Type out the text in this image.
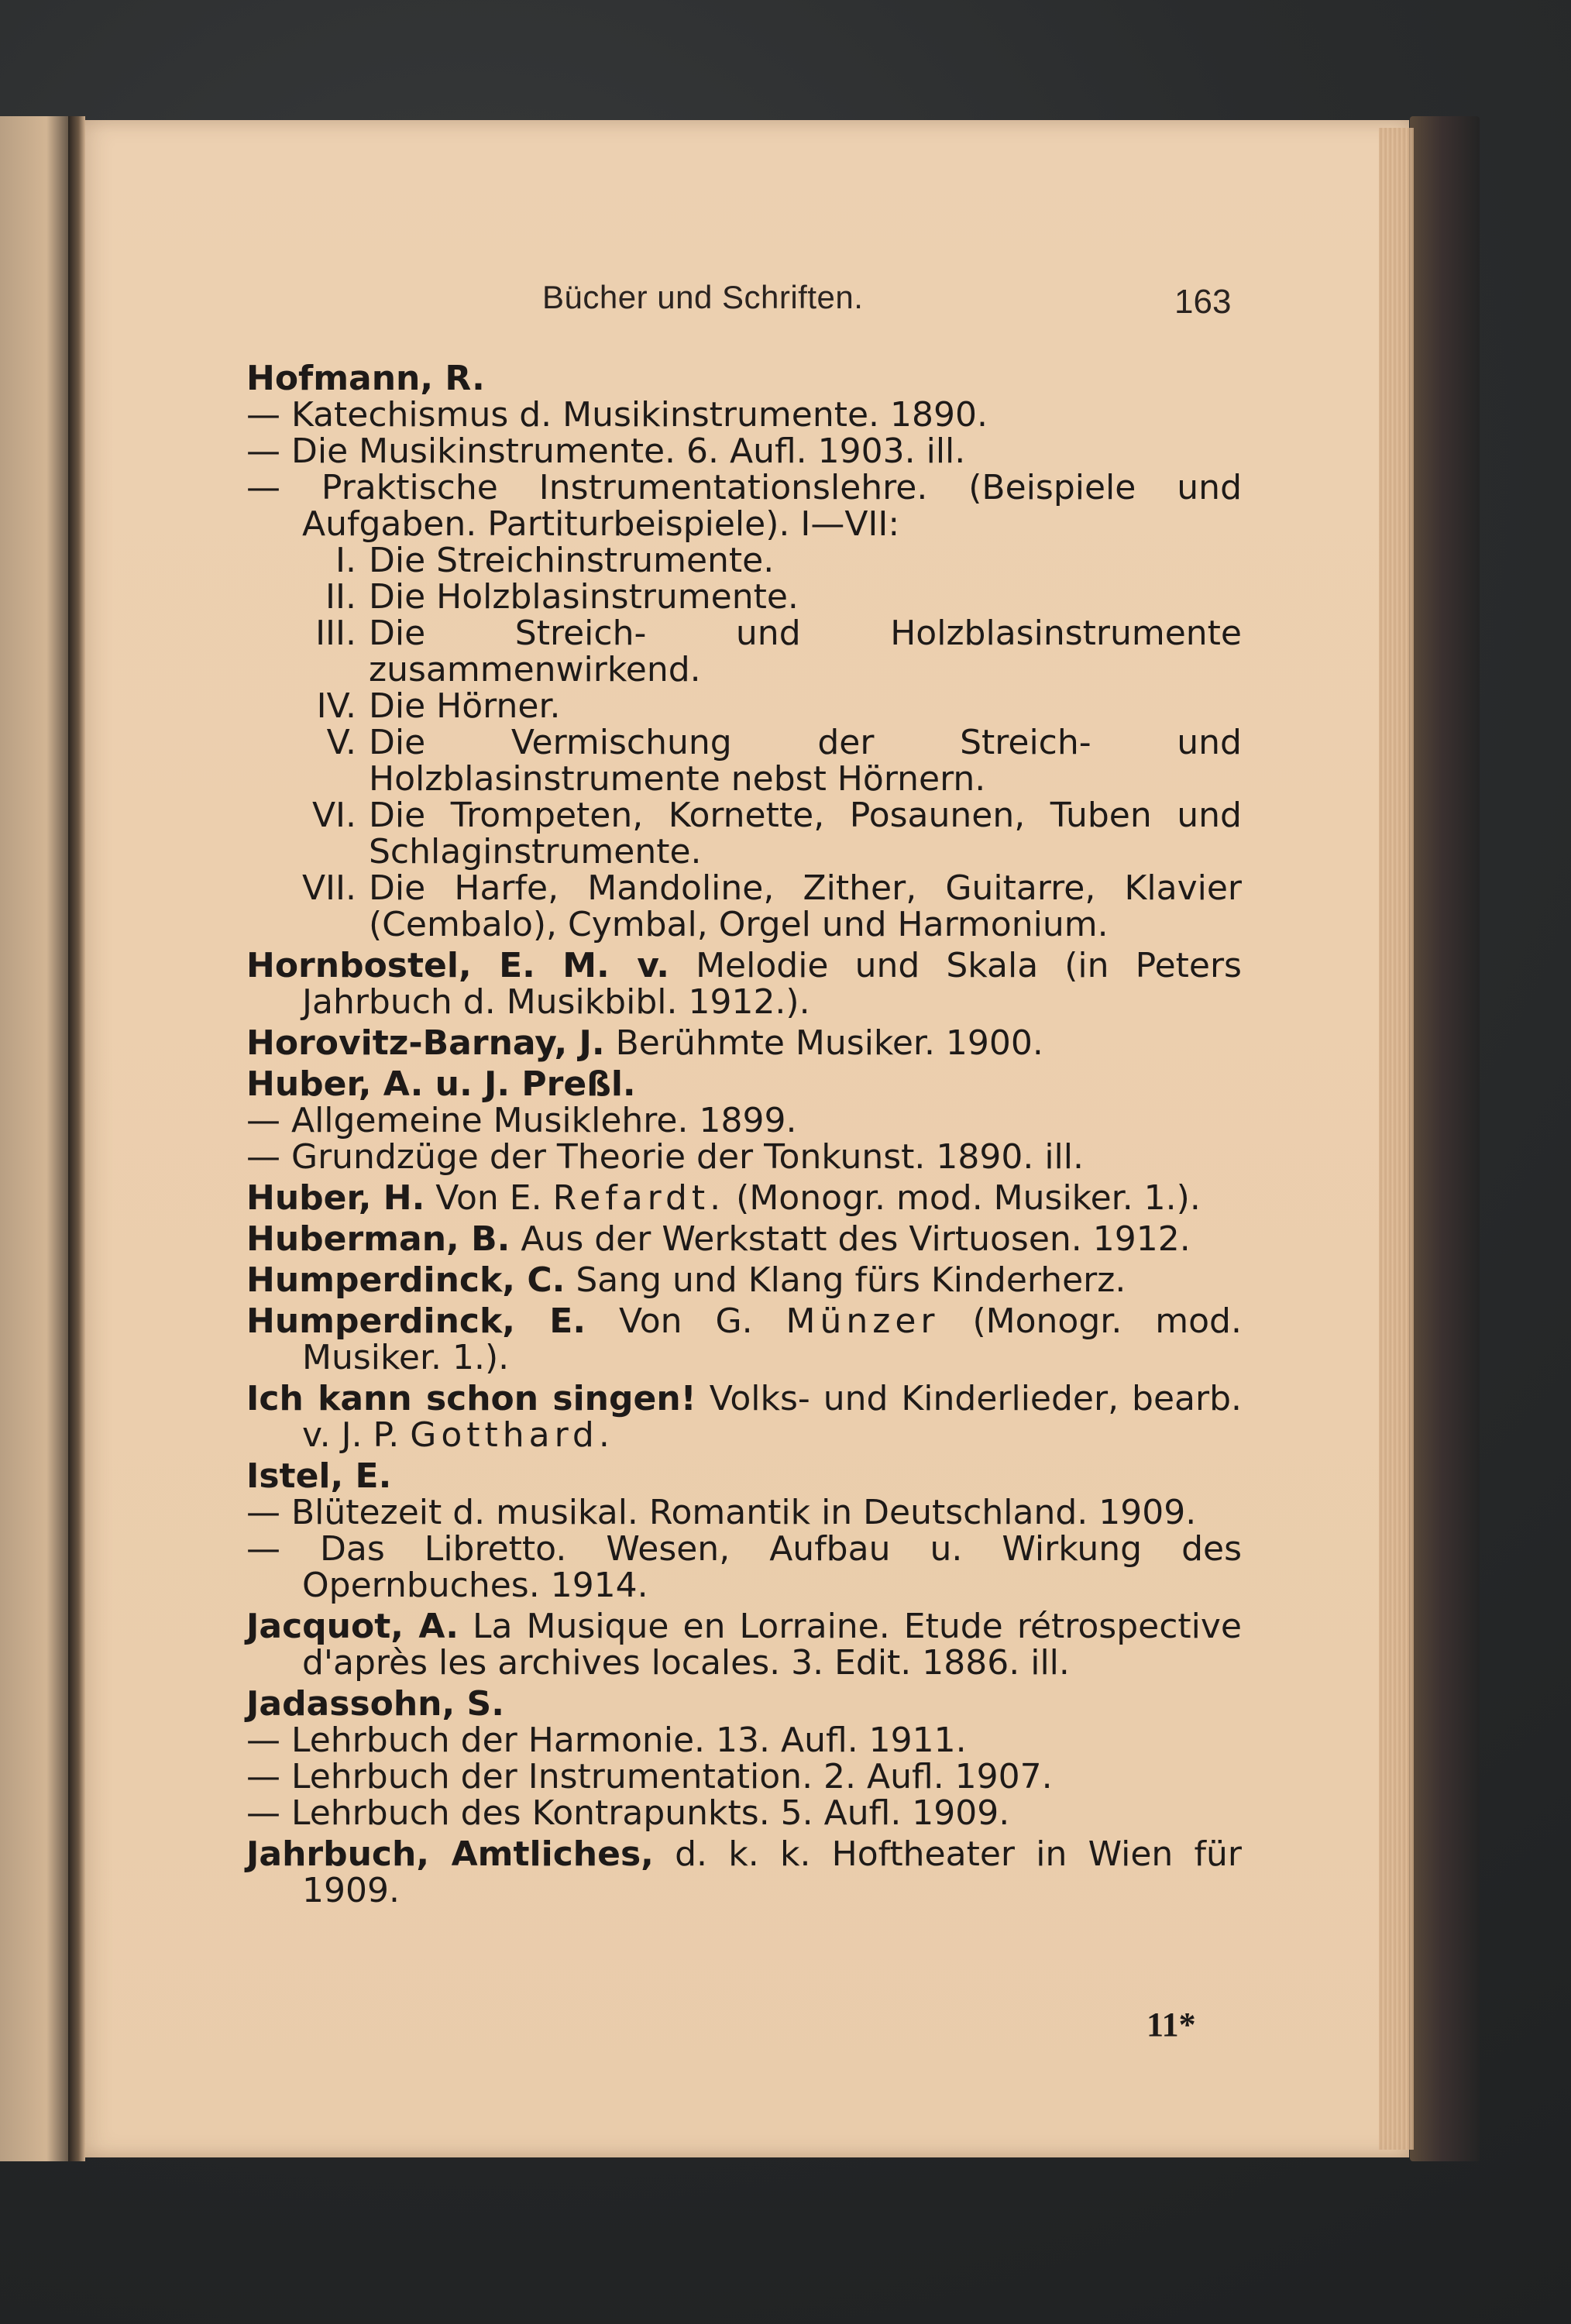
Bücher und Schriften.	163
Hofmann, R.
— Katechismus d. Musikinstrumente. 1890.
— Die Musikinstrumente. 6. Aufl. 1903. ill.
— Praktische Instrumentationslehre. (Beispiele und Aufgaben. Partiturbeispiele). I—VII:
I. Die Streichinstrumente.
II. Die Holzblasinstrumente.
III. Die Streich- und Holzblasinstrumente zusammenwirkend.
IV. Die Hörner.
V. Die Vermischung der Streich- und Holzblasinstrumente nebst Hörnern.
VI. Die Trompeten, Kornette, Posaunen, Tuben und Schlaginstrumente.
VII. Die Harfe, Mandoline, Zither, Guitarre, Klavier (Cembalo), Cymbal, Orgel und Harmonium.
Hornbostel, E. M. v. Melodie und Skala (in Peters Jahrbuch d. Musikbibl. 1912.).
Horovitz-Barnay, J. Berühmte Musiker. 1900.
Huber, A. u. J. Preßl.
— Allgemeine Musiklehre. 1899.
— Grundzüge der Theorie der Tonkunst. 1890. ill.
Huber, H. Von E. Refardt. (Monogr. mod. Musiker. 1.).
Huberman, B. Aus der Werkstatt des Virtuosen. 1912.
Humperdinck, C. Sang und Klang fürs Kinderherz.
Humperdinck, E. Von G. Münzer (Monogr. mod. Musiker. 1.).
Ich kann schon singen! Volks- und Kinderlieder, bearb. v. J. P. Gotthard.
Istel, E.
— Blütezeit d. musikal. Romantik in Deutschland. 1909.
— Das Libretto. Wesen, Aufbau u. Wirkung des Opernbuches. 1914.
Jacquot, A. La Musique en Lorraine. Etude rétrospective d'après les archives locales. 3. Edit. 1886. ill.
Jadassohn, S.
— Lehrbuch der Harmonie. 13. Aufl. 1911.
— Lehrbuch der Instrumentation. 2. Aufl. 1907.
— Lehrbuch des Kontrapunkts. 5. Aufl. 1909.
Jahrbuch, Amtliches, d. k. k. Hoftheater in Wien für 1909.
11*
